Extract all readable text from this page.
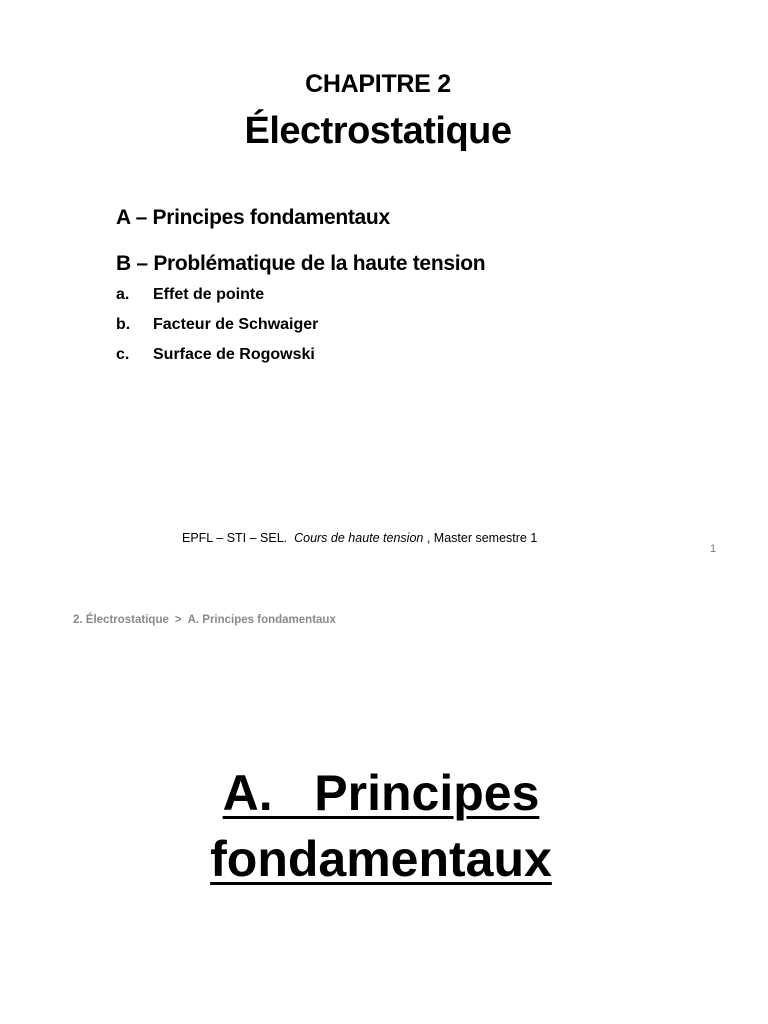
CHAPITRE 2
Électrostatique
A – Principes fondamentaux
B – Problématique de la haute tension
a. Effet de pointe
b. Facteur de Schwaiger
c. Surface de Rogowski
EPFL – STI – SEL. Cours de haute tension , Master semestre 1
1
2. Électrostatique > A. Principes fondamentaux
A.   Principes
fondamentaux
